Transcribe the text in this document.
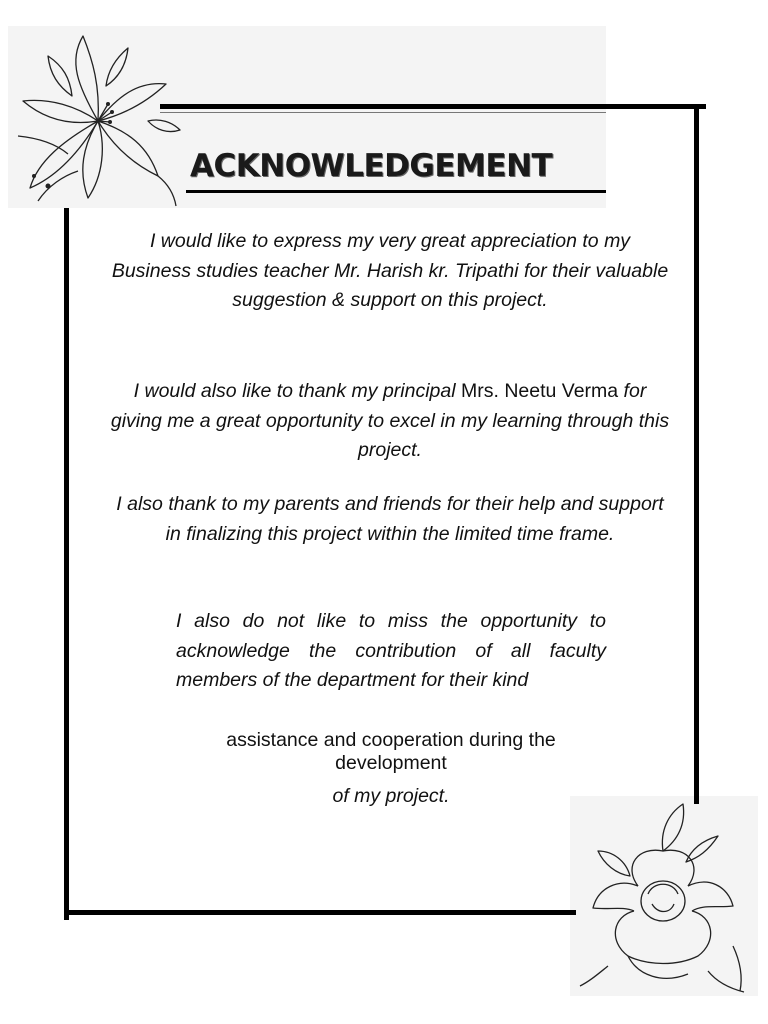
ACKNOWLEDGEMENT
I would like to express my very great appreciation to my Business studies teacher Mr. Harish kr. Tripathi for their valuable suggestion & support on this project.
I would also like to thank my principal Mrs. Neetu Verma for giving me a great opportunity to excel in my learning through this project.
I also thank to my parents and friends for their help and support in finalizing this project within the limited time frame.
I also do not like to miss the opportunity to acknowledge the contribution of all faculty members of the department for their kind
assistance and cooperation during the development
of my project.
